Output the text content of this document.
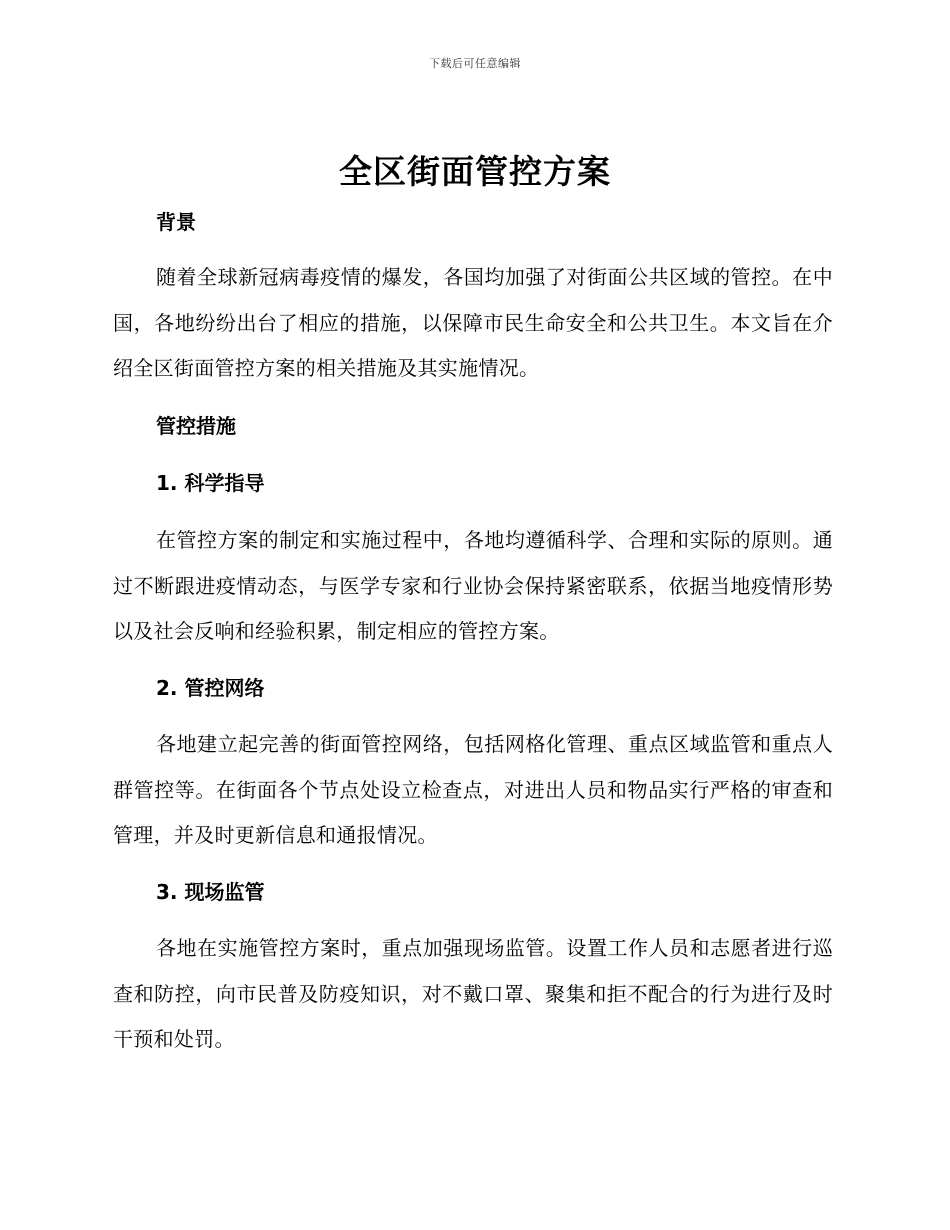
下载后可任意编辑
全区街面管控方案
背景

随着全球新冠病毒疫情的爆发，各国均加强了对街面公共区域的管控。在中国，各地纷纷出台了相应的措施，以保障市民生命安全和公共卫生。本文旨在介绍全区街面管控方案的相关措施及其实施情况。

管控措施
1. 科学指导

在管控方案的制定和实施过程中，各地均遵循科学、合理和实际的原则。通过不断跟进疫情动态，与医学专家和行业协会保持紧密联系，依据当地疫情形势以及社会反响和经验积累，制定相应的管控方案。

2. 管控网络

各地建立起完善的街面管控网络，包括网格化管理、重点区域监管和重点人群管控等。在街面各个节点处设立检查点，对进出人员和物品实行严格的审查和管理，并及时更新信息和通报情况。

3. 现场监管

各地在实施管控方案时，重点加强现场监管。设置工作人员和志愿者进行巡查和防控，向市民普及防疫知识，对不戴口罩、聚集和拒不配合的行为进行及时干预和处罚。
